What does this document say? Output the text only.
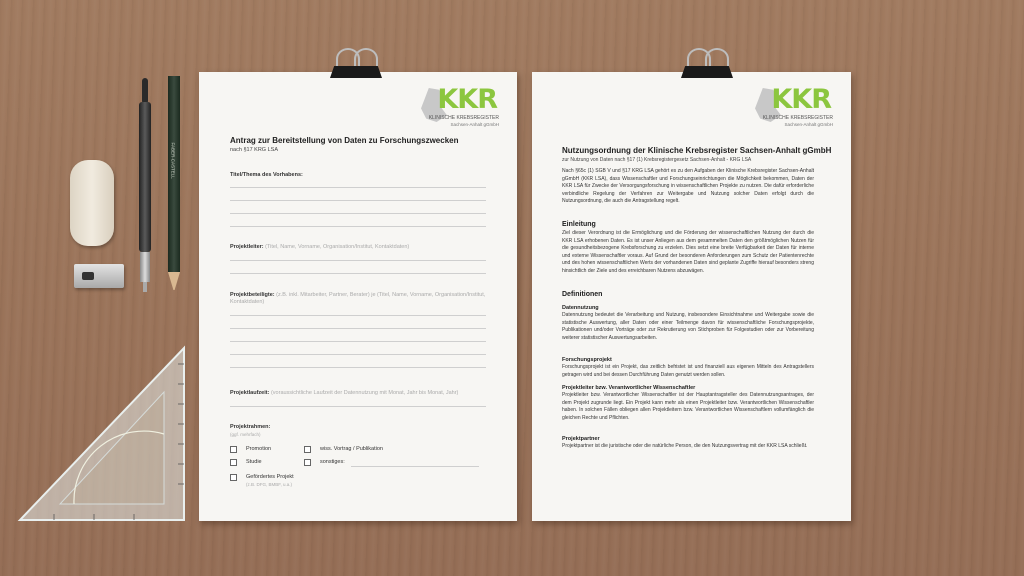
FABER-CASTELL
KKR
KLINISCHE KREBSREGISTER
Sachsen-Anhalt gGmbH
Antrag zur Bereitstellung von Daten zu Forschungszwecken
nach §17 KRG LSA
Titel/Thema des Vorhabens:
Projektleiter: (Titel, Name, Vorname, Organisation/Institut, Kontaktdaten)
Projektbeteiligte: (z.B. inkl. Mitarbeiter, Partner, Berater) je (Titel, Name, Vorname, Organisation/Institut, Kontaktdaten)
Projektlaufzeit: (voraussichtliche Laufzeit der Datennutzung mit Monat, Jahr bis Monat, Jahr)
Projektrahmen:
(ggf. mehrfach)
Promotion
Studie
Gefördertes Projekt
(z.B. DFG, BMBF, u.a.)
wiss. Vortrag / Publikation
sonstiges:
KKR
KLINISCHE KREBSREGISTER
Sachsen-Anhalt gGmbH
Nutzungsordnung der Klinische Krebsregister Sachsen-Anhalt gGmbH
zur Nutzung von Daten nach §17 (1) Krebsregistergesetz Sachsen-Anhalt - KRG LSA
Nach §65c (1) SGB V und §17 KRG LSA gehört es zu den Aufgaben der Klinische Krebsregister Sachsen-Anhalt gGmbH (KKR LSA), dass Wissenschaftler und Forschungseinrichtungen die Möglichkeit bekommen, Daten der KKR LSA für Zwecke der Versorgungsforschung in wissenschaftlichen Projekte zu nutzen. Die dafür erforderliche verbindliche Regelung der Verfahren zur Weitergabe und Nutzung solcher Daten erfolgt durch die Nutzungsordnung, die auch die Antragstellung regelt.
Einleitung
Ziel dieser Verordnung ist die Ermöglichung und die Förderung der wissenschaftlichen Nutzung der durch die KKR LSA erhobenen Daten. Es ist unser Anliegen aus dem gesammelten Daten den größtmöglichen Nutzen für die gesundheitsbezogene Krebsforschung zu erzielen. Dies setzt eine breite Verfügbarkeit der Daten für interne und externe Wissenschaftler voraus. Auf Grund der besonderen Anforderungen zum Schutz der Patientenrechte und des hohen wissenschaftlichen Werts der vorhandenen Daten sind geplante Zugriffe hierauf besonders streng hinsichtlich der Ziele und des erreichbaren Nutzens abzuwägen.
Definitionen
Datennutzung
Datennutzung bedeutet die Verarbeitung und Nutzung, insbesondere Einsichtnahme und Weitergabe sowie die statistische Auswertung, aller Daten oder einer Teilmenge davon für wissenschaftliche Forschungsprojekte, Publikationen und/oder Vorträge oder zur Rekrutierung von Stichproben für Folgestudien oder zur Vorbereitung weiterer statistischer Auswertungsarbeiten.
Forschungsprojekt
Forschungsprojekt ist ein Projekt, das zeitlich befristet ist und finanziell aus eigenen Mitteln des Antragstellers getragen wird und bei dessen Durchführung Daten genutzt werden sollen.
Projektleiter bzw. Verantwortlicher Wissenschaftler
Projektleiter bzw. Verantwortlicher Wissenschaftler ist der Hauptantragsteller des Datennutzungsantrages, der dem Projekt zugrunde liegt. Ein Projekt kann mehr als einen Projektleiter bzw. Verantwortlichen Wissenschaftler haben. In solchen Fällen obliegen allen Projektleitern bzw. Verantwortlichen Wissenschaftlern vollumfänglich die gleichen Rechte und Pflichten.
Projektpartner
Projektpartner ist die juristische oder die natürliche Person, die den Nutzungsvertrag mit der KKR LSA schließt.
